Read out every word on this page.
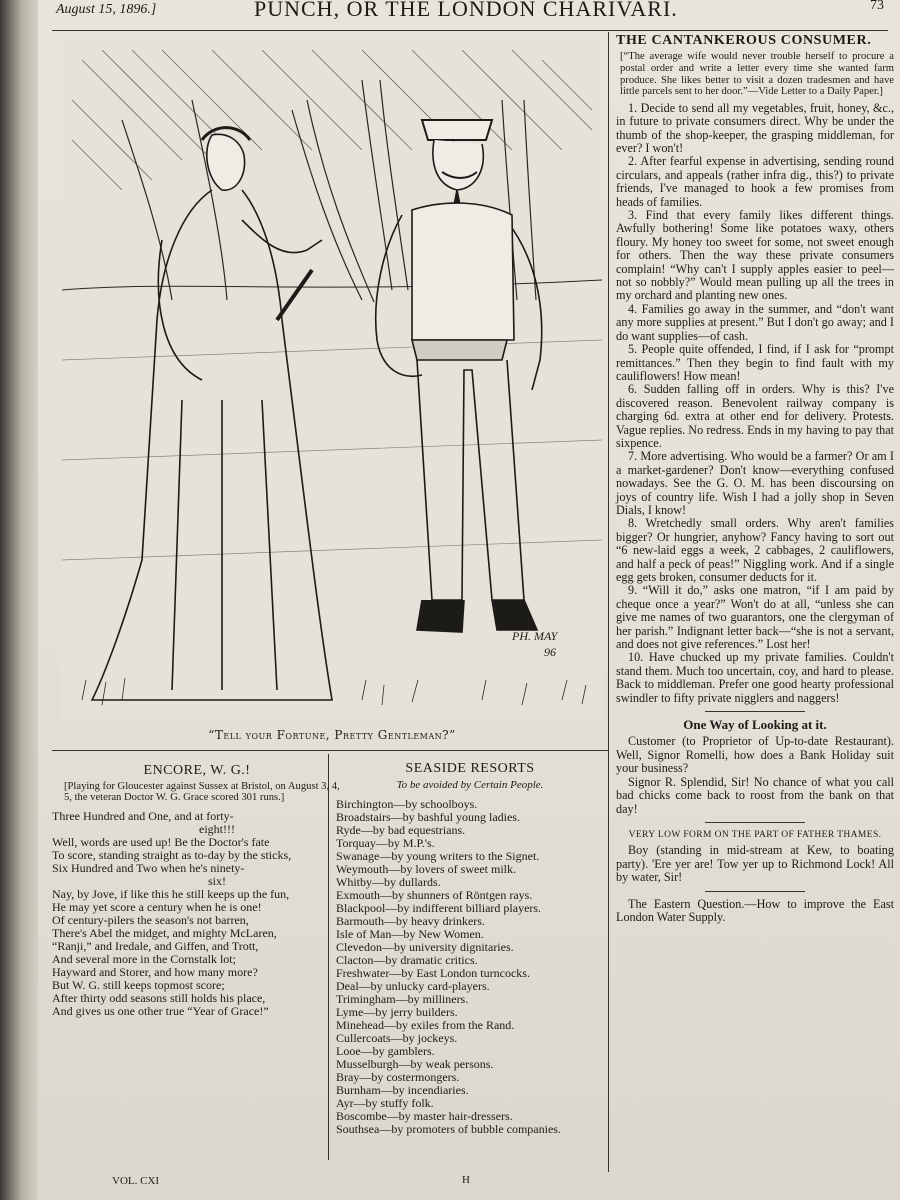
August 15, 1896.]	PUNCH, OR THE LONDON CHARIVARI.	73
PH. MAY
96
“Tell your Fortune, Pretty Gentleman?”
THE CANTANKEROUS CONSUMER.
[“The average wife would never trouble herself to procure a postal order and write a letter every time she wanted farm produce. She likes better to visit a dozen tradesmen and have little parcels sent to her door.”—Vide Letter to a Daily Paper.]

1. Decide to send all my vegetables, fruit, honey, &c., in future to private consumers direct. Why be under the thumb of the shop-keeper, the grasping middleman, for ever? I won't!

2. After fearful expense in advertising, sending round circulars, and appeals (rather infra dig., this?) to private friends, I've managed to hook a few promises from heads of families.

3. Find that every family likes different things. Awfully bothering! Some like potatoes waxy, others floury. My honey too sweet for some, not sweet enough for others. Then the way these private consumers complain! “Why can't I supply apples easier to peel—not so nobbly?” Would mean pulling up all the trees in my orchard and planting new ones.

4. Families go away in the summer, and “don't want any more supplies at present.” But I don't go away; and I do want supplies—of cash.

5. People quite offended, I find, if I ask for “prompt remittances.” Then they begin to find fault with my cauliflowers! How mean!

6. Sudden falling off in orders. Why is this? I've discovered reason. Benevolent railway company is charging 6d. extra at other end for delivery. Protests. Vague replies. No redress. Ends in my having to pay that sixpence.

7. More advertising. Who would be a farmer? Or am I a market-gardener? Don't know—everything confused nowadays. See the G. O. M. has been discoursing on joys of country life. Wish I had a jolly shop in Seven Dials, I know!

8. Wretchedly small orders. Why aren't families bigger? Or hungrier, anyhow? Fancy having to sort out “6 new-laid eggs a week, 2 cabbages, 2 cauliflowers, and half a peck of peas!” Niggling work. And if a single egg gets broken, consumer deducts for it.

9. “Will it do,” asks one matron, “if I am paid by cheque once a year?” Won't do at all, “unless she can give me names of two guarantors, one the clergyman of her parish.” Indignant letter back—“she is not a servant, and does not give references.” Lost her!

10. Have chucked up my private families. Couldn't stand them. Much too uncertain, coy, and hard to please. Back to middleman. Prefer one good hearty professional swindler to fifty private nigglers and naggers!

One Way of Looking at it.

Customer (to Proprietor of Up-to-date Restaurant). Well, Signor Romelli, how does a Bank Holiday suit your business?

Signor R. Splendid, Sir! No chance of what you call bad chicks come back to roost from the bank on that day!

VERY LOW FORM ON THE PART OF FATHER THAMES.

Boy (standing in mid-stream at Kew, to boating party). 'Ere yer are! Tow yer up to Richmond Lock! All by water, Sir!

The Eastern Question.—How to improve the East London Water Supply.

ENCORE, W. G.!
[Playing for Gloucester against Sussex at Bristol, on August 3, 4, 5, the veteran Doctor W. G. Grace scored 301 runs.]
Three Hundred and One, and at forty-
eight!!!
Well, words are used up! Be the Doctor's fate
To score, standing straight as to-day by the sticks,
Six Hundred and Two when he's ninety-
six!
Nay, by Jove, if like this he still keeps up the fun,
He may yet score a century when he is one!
Of century-pilers the season's not barren,
There's Abel the midget, and mighty McLaren,
“Ranji,” and Iredale, and Giffen, and Trott,
And several more in the Cornstalk lot;
Hayward and Storer, and how many more?
But W. G. still keeps topmost score;
After thirty odd seasons still holds his place,
And gives us one other true “Year of Grace!”
SEASIDE RESORTS
To be avoided by Certain People.
Birchington—by schoolboys.
Broadstairs—by bashful young ladies.
Ryde—by bad equestrians.
Torquay—by M.P.'s.
Swanage—by young writers to the Signet.
Weymouth—by lovers of sweet milk.
Whitby—by dullards.
Exmouth—by shunners of Röntgen rays.
Blackpool—by indifferent billiard players.
Barmouth—by heavy drinkers.
Isle of Man—by New Women.
Clevedon—by university dignitaries.
Clacton—by dramatic critics.
Freshwater—by East London turncocks.
Deal—by unlucky card-players.
Trimingham—by milliners.
Lyme—by jerry builders.
Minehead—by exiles from the Rand.
Cullercoats—by jockeys.
Looe—by gamblers.
Musselburgh—by weak persons.
Bray—by costermongers.
Burnham—by incendiaries.
Ayr—by stuffy folk.
Boscombe—by master hair-dressers.
Southsea—by promoters of bubble companies.
VOL. CXI	H
